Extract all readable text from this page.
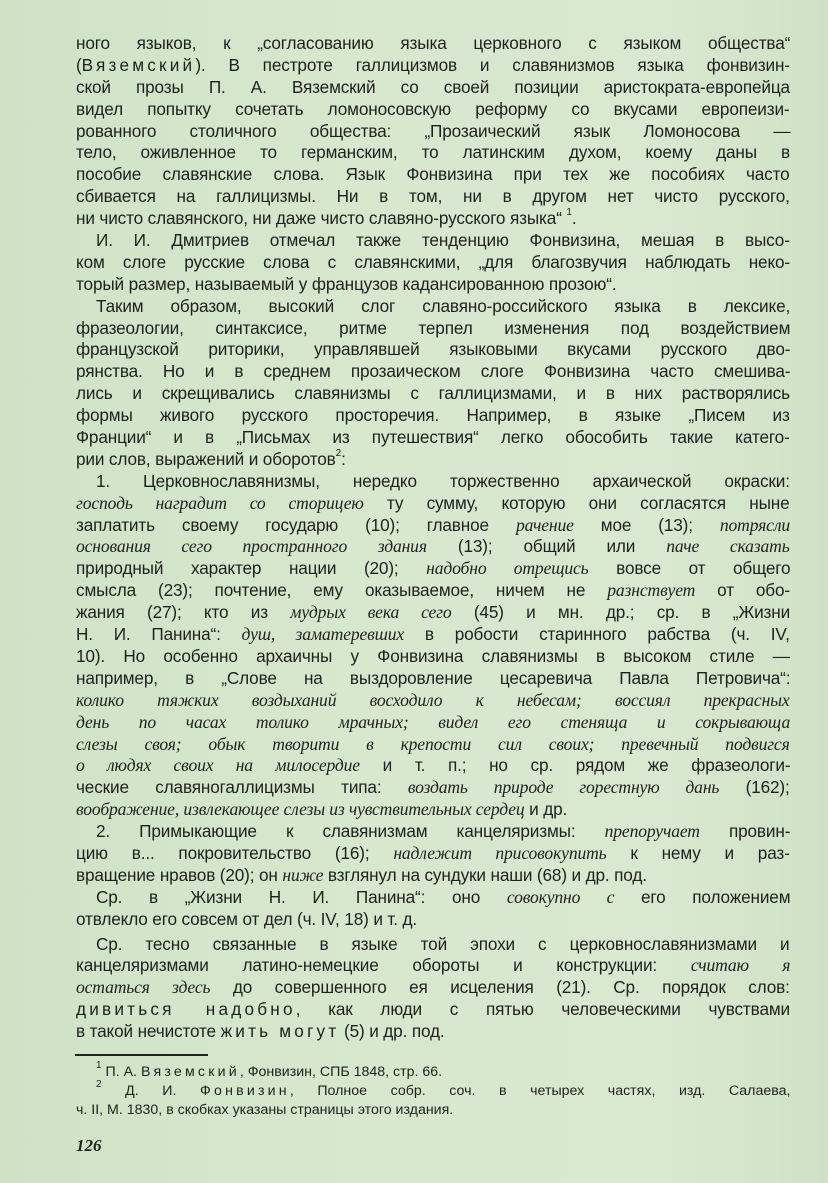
ного языков, к „согласованию языка церковного с языком общества“
(Вяземский). В пестроте галлицизмов и славянизмов языка фонвизин-
ской прозы П. А. Вяземский со своей позиции аристократа-европейца
видел попытку сочетать ломоносовскую реформу со вкусами европеизи-
рованного столичного общества: „Прозаический язык Ломоносова —
тело, оживленное то германским, то латинским духом, коему даны в
пособие славянские слова. Язык Фонвизина при тех же пособиях часто
сбивается на галлицизмы. Ни в том, ни в другом нет чисто русского,
ни чисто славянского, ни даже чисто славяно-русского языка“ $^1$.
И. И. Дмитриев отмечал также тенденцию Фонвизина, мешая в высо-
ком слоге русские слова с славянскими, „для благозвучия наблюдать неко-
торый размер, называемый у французов кадансированною прозою“.
Таким образом, высокий слог славяно-российского языка в лексике,
фразеологии, синтаксисе, ритме терпел изменения под воздействием
французской риторики, управлявшей языковыми вкусами русского дво-
рянства. Но и в среднем прозаическом слоге Фонвизина часто смешива-
лись и скрещивались славянизмы с галлицизмами, и в них растворялись
формы живого русского просторечия. Например, в языке „Писем из
Франции“ и в „Письмах из путешествия“ легко обособить такие катего-
рии слов, выражений и оборотов$^2$:
1. Церковнославянизмы, нередко торжественно архаической окраски:
господь наградит со сторицею ту сумму, которую они согласятся ныне
заплатить своему государю (10); главное рачение мое (13); потрясли
основания сего пространного здания (13); общий или паче сказать
природный характер нации (20); надобно отрещись вовсе от общего
смысла (23); почтение, ему оказываемое, ничем не разнствует от обо-
жания (27); кто из мудрых века сего (45) и мн. др.; ср. в „Жизни
Н. И. Панина“: душ, заматеревших в робости старинного рабства (ч. IV,
10). Но особенно архаичны у Фонвизина славянизмы в высоком стиле —
например, в „Слове на выздоровление цесаревича Павла Петровича“:
колико тяжких воздыханий восходило к небесам; воссиял прекрасных
день по часах толико мрачных; видел его стеняща и сокрывающа
слезы своя; обык творити в крепости сил своих; превечный подвигся
о людях своих на милосердие и т. п.; но ср. рядом же фразеологи-
ческие славяногаллицизмы типа: воздать природе горестную дань (162);
воображение, извлекающее слезы из чувствительных сердец и др.
2. Примыкающие к славянизмам канцеляризмы: препоручает провин-
цию в... покровительство (16); надлежит присовокупить к нему и раз-
вращение нравов (20); он ниже взглянул на сундуки наши (68) и др. под.
Ср. в „Жизни Н. И. Панина“: оно совокупно с его положением
отвлекло его совсем от дел (ч. IV, 18) и т. д.
Ср. тесно связанные в языке той эпохи с церковнославянизмами и
канцеляризмами латино-немецкие обороты и конструкции: считаю я
остаться здесь до совершенного ея исцеления (21). Ср. порядок слов:
дивиться надобно, как люди с пятью человеческими чувствами
в такой нечистоте жить могут (5) и др. под.
$^1$ П. А. Вяземский, Фонвизин, СПБ 1848, стр. 66.
$^2$ Д. И. Фонвизин, Полное собр. соч. в четырех частях, изд. Салаева,
ч. II, М. 1830, в скобках указаны страницы этого издания.
126
